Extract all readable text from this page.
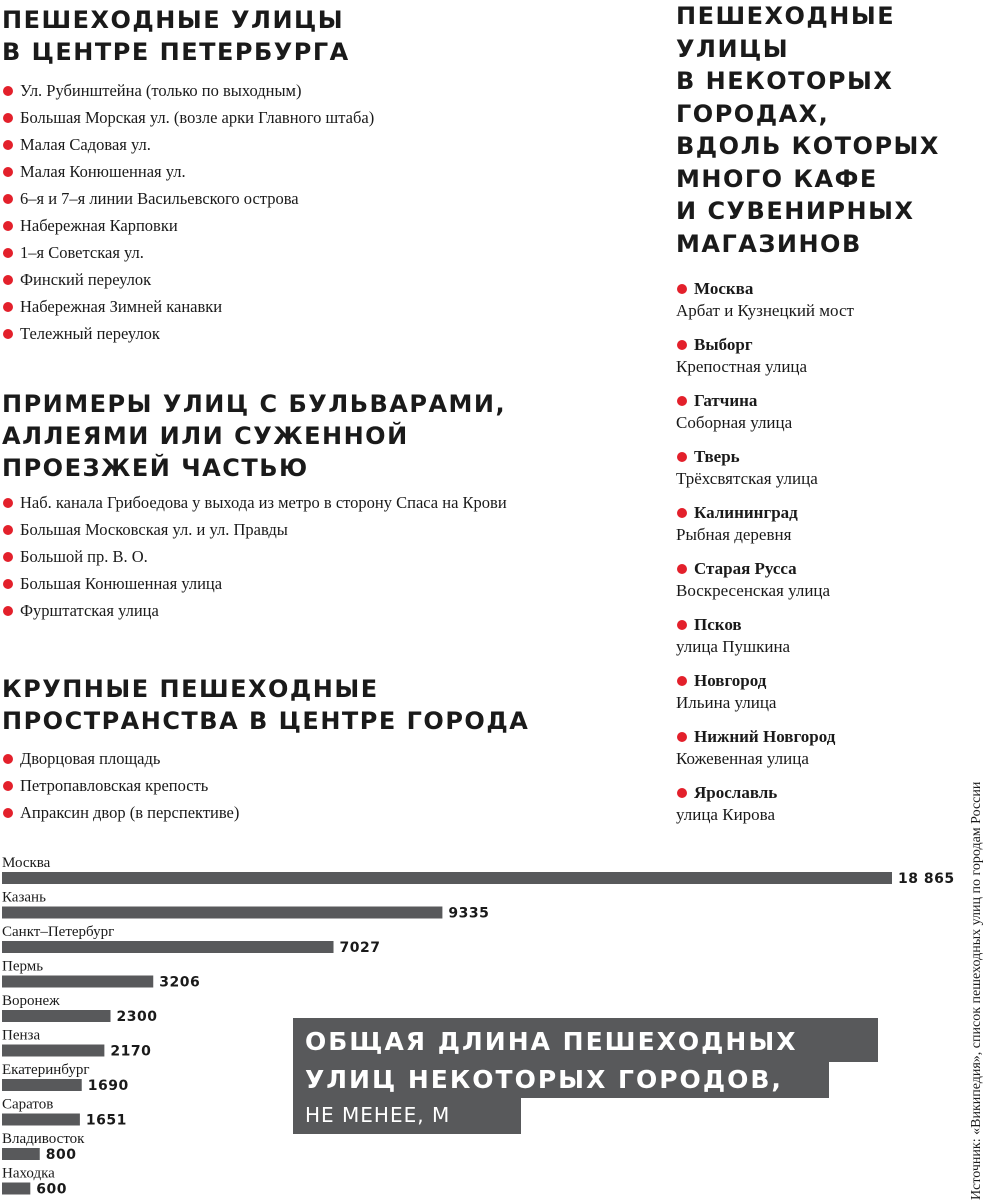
ПЕШЕХОДНЫЕ УЛИЦЫ
В ЦЕНТРЕ ПЕТЕРБУРГА
Ул. Рубинштейна (только по выходным)
Большая Морская ул. (возле арки Главного штаба)
Малая Садовая ул.
Малая Конюшенная ул.
6–я и 7–я линии Васильевского острова
Набережная Карповки
1–я Советская ул.
Финский переулок
Набережная Зимней канавки
Тележный переулок
ПРИМЕРЫ УЛИЦ С БУЛЬВАРАМИ,
АЛЛЕЯМИ ИЛИ СУЖЕННОЙ
ПРОЕЗЖЕЙ ЧАСТЬЮ
Наб. канала Грибоедова у выхода из метро в сторону Спаса на Крови
Большая Московская ул. и ул. Правды
Большой пр. В. О.
Большая Конюшенная улица
Фурштатская улица
КРУПНЫЕ ПЕШЕХОДНЫЕ
ПРОСТРАНСТВА В ЦЕНТРЕ ГОРОДА
Дворцовая площадь
Петропавловская крепость
Апраксин двор (в перспективе)
ПЕШЕХОДНЫЕ
УЛИЦЫ
В НЕКОТОРЫХ
ГОРОДАХ,
ВДОЛЬ КОТОРЫХ
МНОГО КАФЕ
И СУВЕНИРНЫХ
МАГАЗИНОВ
Москва
Арбат и Кузнецкий мост
Выборг
Крепостная улица
Гатчина
Соборная улица
Тверь
Трёхсвятская улица
Калининград
Рыбная деревня
Старая Русса
Воскресенская улица
Псков
улица Пушкина
Новгород
Ильина улица
Нижний Новгород
Кожевенная улица
Ярославль
улица Кирова
Москва
18 865
Казань
9335
Санкт–Петербург
7027
Пермь
3206
Воронеж
2300
Пенза
2170
Екатеринбург
1690
Саратов
1651
Владивосток
800
Находка
600
ОБЩАЯ ДЛИНА ПЕШЕХОДНЫХ
УЛИЦ НЕКОТОРЫХ ГОРОДОВ,
НЕ МЕНЕЕ, М	Источник: «Википедия», список пешеходных улиц по городам России
